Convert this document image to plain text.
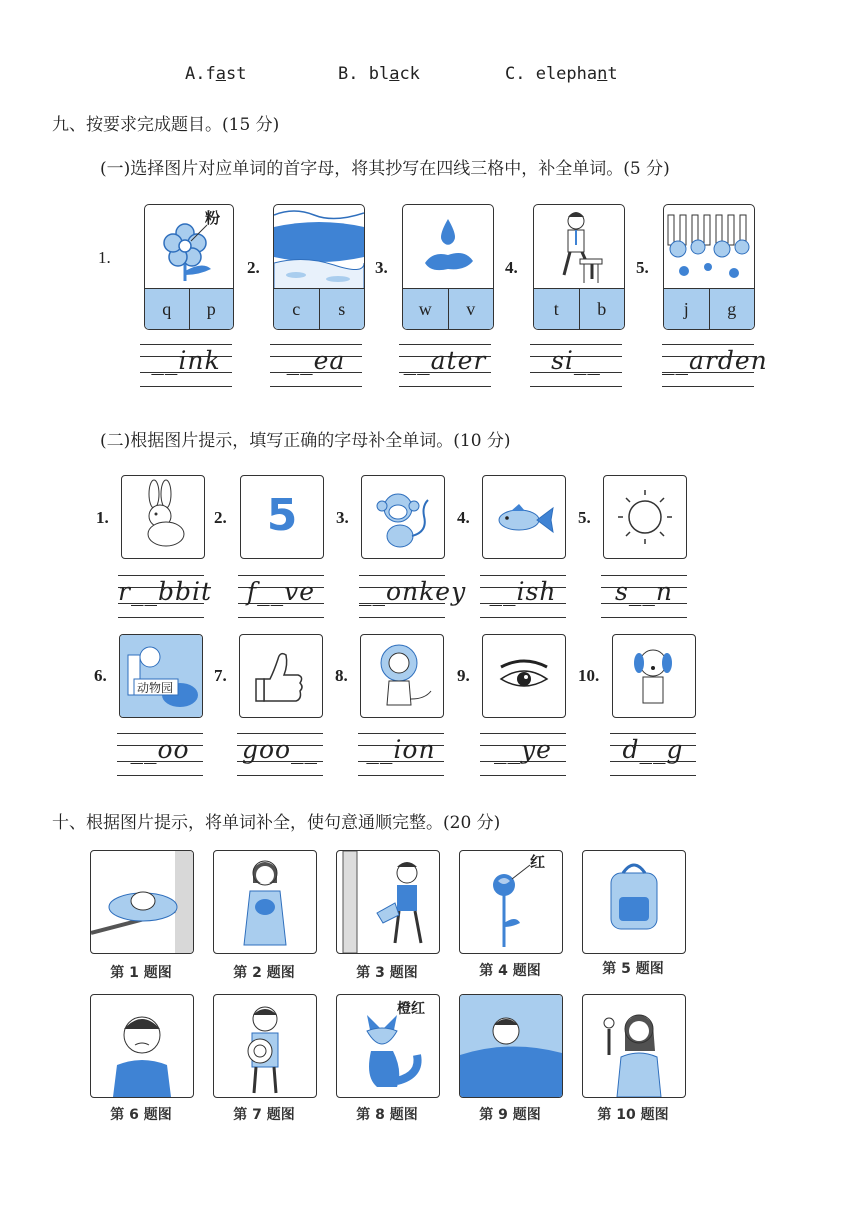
A.fast	B. black	C. elephant
九、按要求完成题目。(15 分)
(一)选择图片对应单词的首字母，将其抄写在四线三格中，补全单词。(5 分)
1.
2.	3.	4.	5.
粉
q	p	c	s	w	v	t	b	j	g
__ink	__ea	__ater	si__	__arden
(二)根据图片提示，填写正确的字母补全单词。(10 分)
1.	2. 5	3.	4.	5.
r__bbit	f__ve	__onkey __ish	s__n
6.
动物园
7.	8.	9.	10.
__oo	goo__	__ion	__ye	d__g
十、根据图片提示，将单词补全，使句意通顺完整。(20 分)
红
第 1 题图	第 2 题图	第 3 题图	第 4 题图	第 5 题图
橙红
第 6 题图	第 7 题图	第 8 题图	第 9 题图	第 10 题图
